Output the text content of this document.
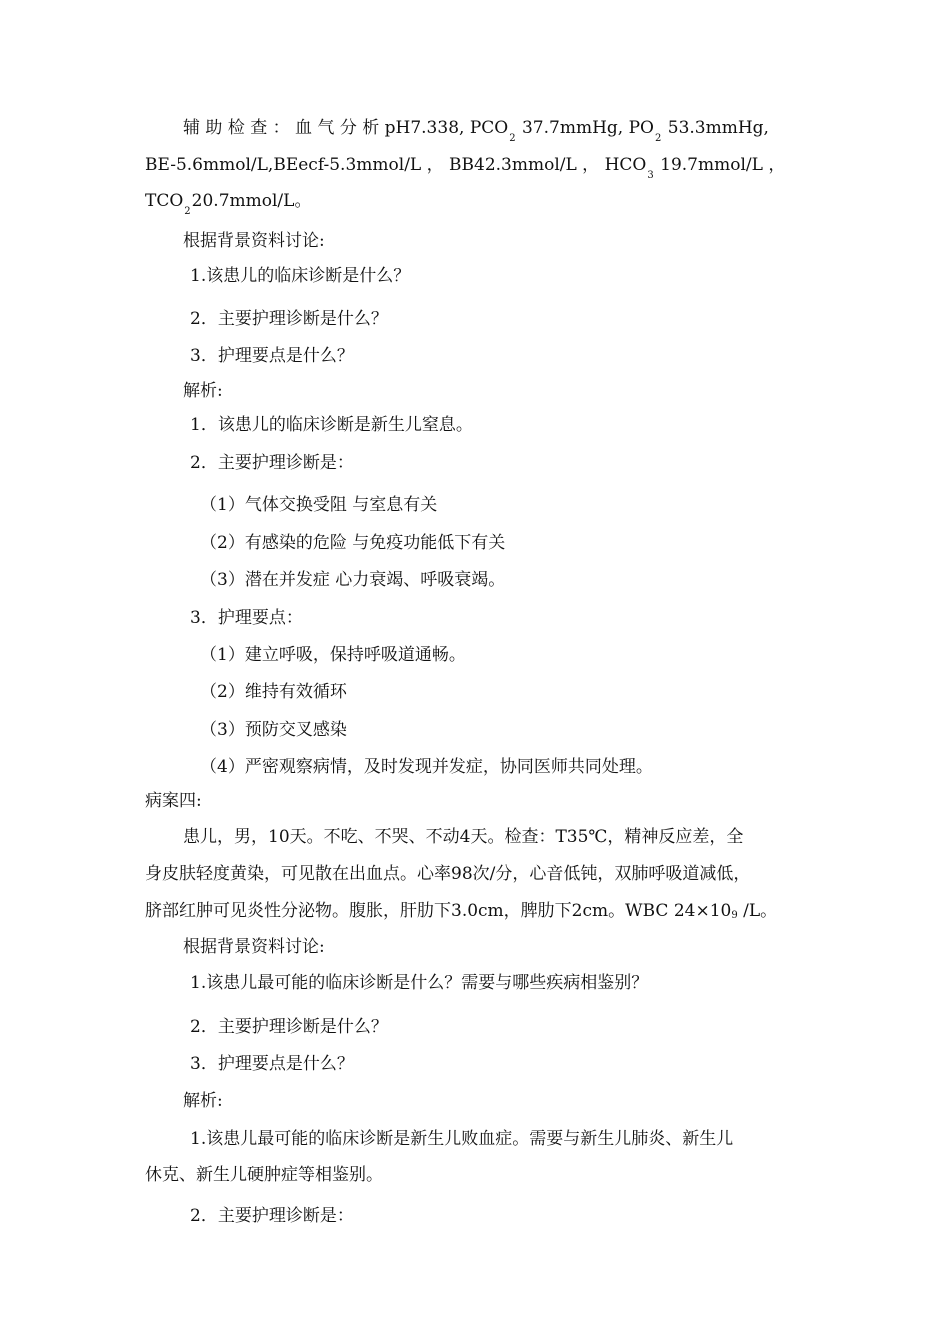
辅 助 检 查 ： 血 气 分 析 pH7.338, $PCO_2$ 37.7mmHg, $PO_2$ 53.3mmHg,
BE-5.6mmol/L,BEecf-5.3mmol/L ， BB42.3mmol/L ， $HCO_3$ 19.7mmol/L ，
$TCO_220.7mmol/L$。
根据背景资料讨论:
1.该患儿的临床诊断是什么？
2．主要护理诊断是什么？
3．护理要点是什么？
解析:
1．该患儿的临床诊断是新生儿窒息。
2．主要护理诊断是：
（1）气体交换受阻 与室息有关
（2）有感染的危险 与免疫功能低下有关
（3）潜在并发症 心力衰竭、呼吸衰竭。
3．护理要点：
（1）建立呼吸，保持呼吸道通畅。
（2）维持有效循环
（3）预防交叉感染
（4）严密观察病情，及时发现并发症，协同医师共同处理。
病案四:
患儿，男，10天。不吃、不哭、不动4天。检查：T35℃，精神反应差，全
身皮肤轻度黄染，可见散在出血点。心率98次/分，心音低钝，双肺呼吸道减低，
脐部红肿可见炎性分泌物。腹胀，肝肋下3.0cm，脾肋下2cm。WBC 24×109 /L。
根据背景资料讨论:
1.该患儿最可能的临床诊断是什么？需要与哪些疾病相鉴别？
2．主要护理诊断是什么？
3．护理要点是什么？
解析:
1.该患儿最可能的临床诊断是新生儿败血症。需要与新生儿肺炎、新生儿
休克、新生儿硬肿症等相鉴别。
2．主要护理诊断是：
